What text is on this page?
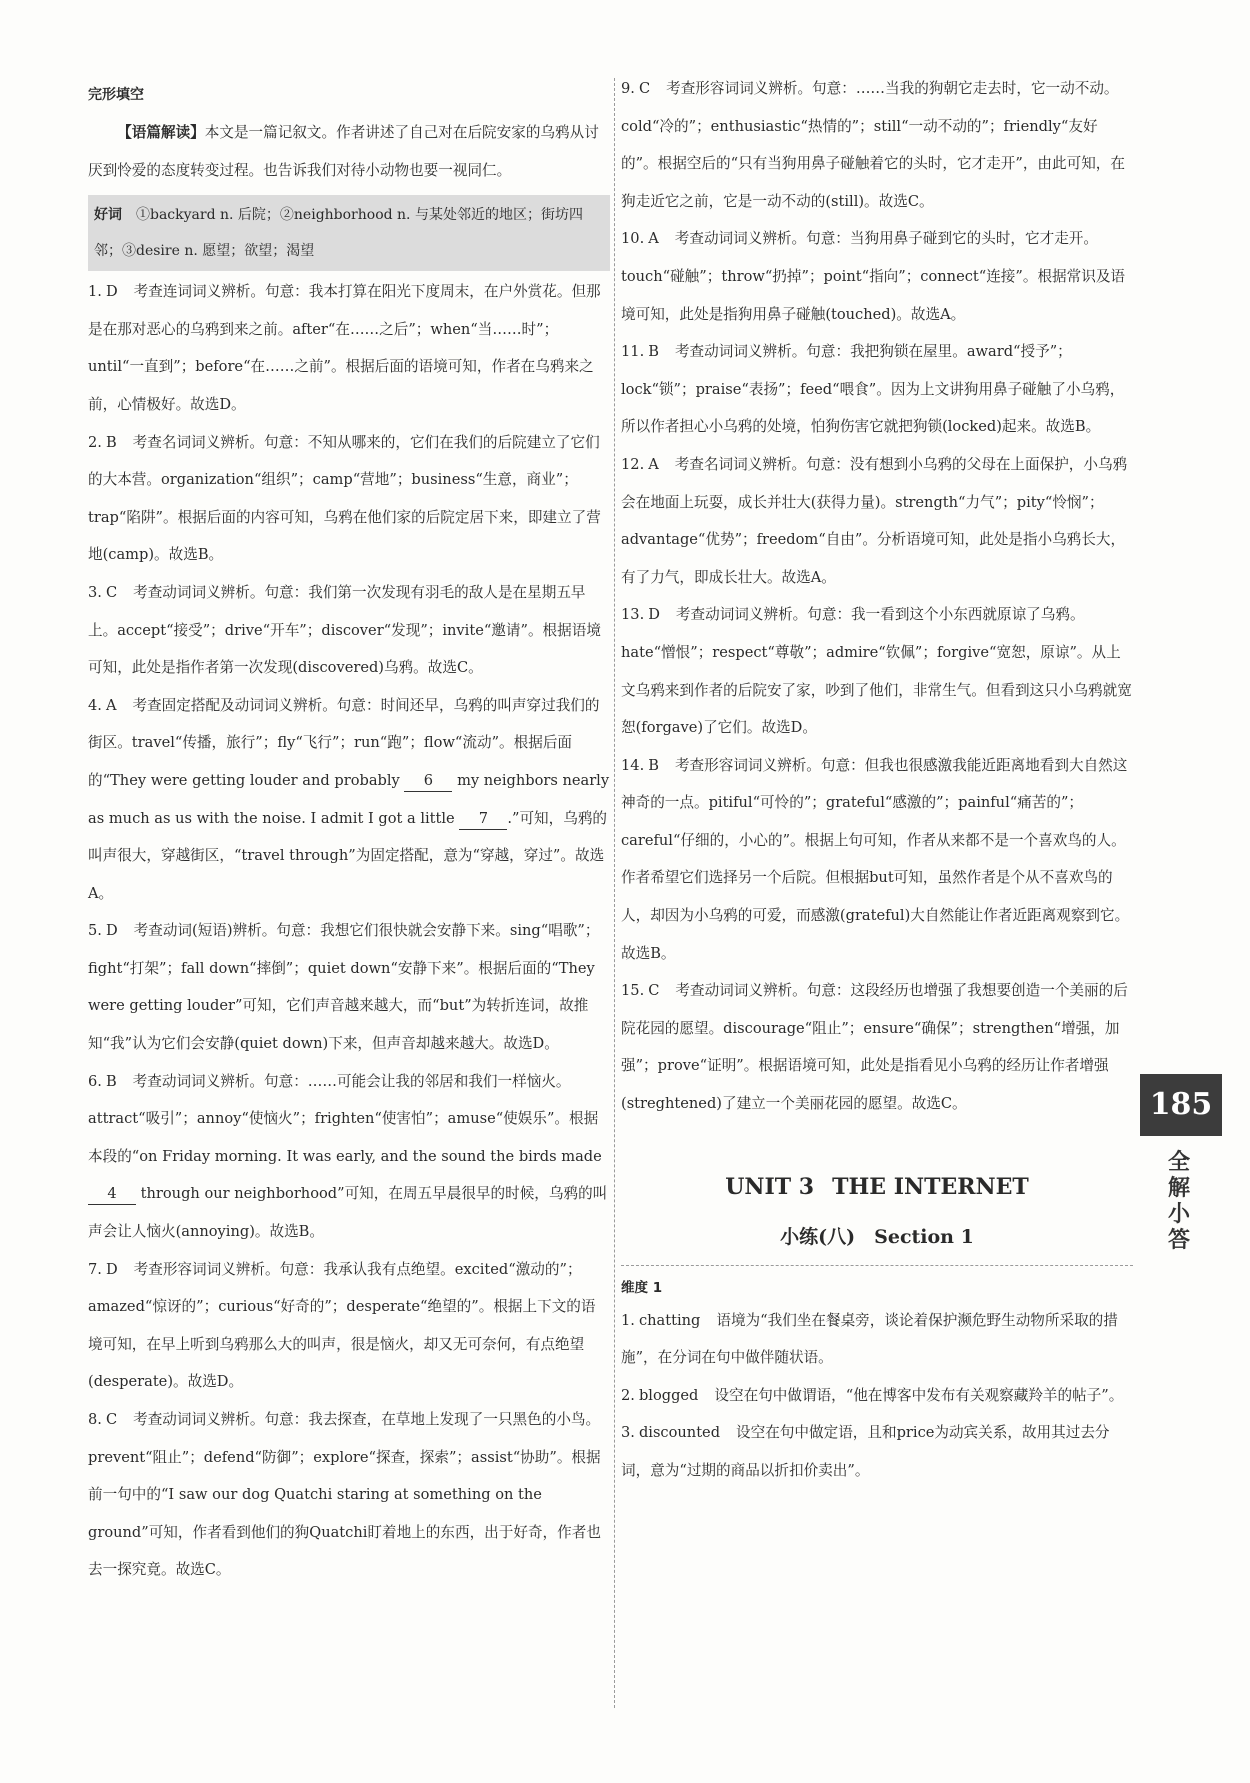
完形填空

【语篇解读】本文是一篇记叙文。作者讲述了自己对在后院安家的乌鸦从讨厌到怜爱的态度转变过程。也告诉我们对待小动物也要一视同仁。

好词　 ①backyard n. 后院；②neighborhood n. 与某处邻近的地区；街坊四邻；③desire n. 愿望；欲望；渴望

1. D 考查连词词义辨析。句意：我本打算在阳光下度周末，在户外赏花。但那是在那对恶心的乌鸦到来之前。after“在……之后”；when“当……时”；until“一直到”；before“在……之前”。根据后面的语境可知，作者在乌鸦来之前，心情极好。故选D。

2. B 考查名词词义辨析。句意：不知从哪来的，它们在我们的后院建立了它们的大本营。organization“组织”；camp“营地”；business“生意，商业”；trap“陷阱”。根据后面的内容可知，乌鸦在他们家的后院定居下来，即建立了营地(camp)。故选B。

3. C 考查动词词义辨析。句意：我们第一次发现有羽毛的敌人是在星期五早上。accept“接受”；drive“开车”；discover“发现”；invite“邀请”。根据语境可知，此处是指作者第一次发现(discovered)乌鸦。故选C。

4. A 考查固定搭配及动词词义辨析。句意：时间还早，乌鸦的叫声穿过我们的街区。travel“传播，旅行”；fly“飞行”；run“跑”；flow“流动”。根据后面的“They were getting louder and probably 6 my neighbors nearly as much as us with the noise. I admit I got a little 7 .”可知，乌鸦的叫声很大，穿越街区，“travel through”为固定搭配，意为“穿越，穿过”。故选A。

5. D 考查动词(短语)辨析。句意：我想它们很快就会安静下来。sing“唱歌”；fight“打架”；fall down“摔倒”；quiet down“安静下来”。根据后面的“They were getting louder”可知，它们声音越来越大，而“but”为转折连词，故推知“我”认为它们会安静(quiet down)下来，但声音却越来越大。故选D。

6. B 考查动词词义辨析。句意：……可能会让我的邻居和我们一样恼火。attract“吸引”；annoy“使恼火”；frighten“使害怕”；amuse“使娱乐”。根据本段的“on Friday morning. It was early, and the sound the birds made 4 through our neighborhood”可知，在周五早晨很早的时候，乌鸦的叫声会让人恼火(annoying)。故选B。

7. D 考查形容词词义辨析。句意：我承认我有点绝望。excited“激动的”；amazed“惊讶的”；curious“好奇的”；desperate“绝望的”。根据上下文的语境可知，在早上听到乌鸦那么大的叫声，很是恼火，却又无可奈何，有点绝望(desperate)。故选D。

8. C 考查动词词义辨析。句意：我去探查，在草地上发现了一只黑色的小鸟。prevent“阻止”；defend“防御”；explore“探查，探索”；assist“协助”。根据前一句中的“I saw our dog Quatchi staring at something on the ground”可知，作者看到他们的狗Quatchi盯着地上的东西，出于好奇，作者也去一探究竟。故选C。

9. C 考查形容词词义辨析。句意：……当我的狗朝它走去时，它一动不动。cold“冷的”；enthusiastic“热情的”；still“一动不动的”；friendly“友好的”。根据空后的“只有当狗用鼻子碰触着它的头时，它才走开”，由此可知，在狗走近它之前，它是一动不动的(still)。故选C。

10. A 考查动词词义辨析。句意：当狗用鼻子碰到它的头时，它才走开。touch“碰触”；throw“扔掉”；point“指向”；connect“连接”。根据常识及语境可知，此处是指狗用鼻子碰触(touched)。故选A。

11. B 考查动词词义辨析。句意：我把狗锁在屋里。award“授予”；lock“锁”；praise“表扬”；feed“喂食”。因为上文讲狗用鼻子碰触了小乌鸦，所以作者担心小乌鸦的处境，怕狗伤害它就把狗锁(locked)起来。故选B。

12. A 考查名词词义辨析。句意：没有想到小乌鸦的父母在上面保护，小乌鸦会在地面上玩耍，成长并壮大(获得力量)。strength“力气”；pity“怜悯”；advantage“优势”；freedom“自由”。分析语境可知，此处是指小乌鸦长大，有了力气，即成长壮大。故选A。

13. D 考查动词词义辨析。句意：我一看到这个小东西就原谅了乌鸦。hate“憎恨”；respect“尊敬”；admire“钦佩”；forgive“宽恕，原谅”。从上文乌鸦来到作者的后院安了家，吵到了他们，非常生气。但看到这只小乌鸦就宽恕(forgave)了它们。故选D。

14. B 考查形容词词义辨析。句意：但我也很感激我能近距离地看到大自然这神奇的一点。pitiful“可怜的”；grateful“感激的”；painful“痛苦的”；careful“仔细的，小心的”。根据上句可知，作者从来都不是一个喜欢鸟的人。作者希望它们选择另一个后院。但根据but可知，虽然作者是个从不喜欢鸟的人，却因为小乌鸦的可爱，而感激(grateful)大自然能让作者近距离观察到它。故选B。

15. C 考查动词词义辨析。句意：这段经历也增强了我想要创造一个美丽的后院花园的愿望。discourage“阻止”；ensure“确保”；strengthen“增强，加强”；prove“证明”。根据语境可知，此处是指看见小乌鸦的经历让作者增强(streghtened)了建立一个美丽花园的愿望。故选C。

UNIT 3 THE INTERNET
小练(八)　Section 1
维度 1

1. chatting 语境为“我们坐在餐桌旁，谈论着保护濒危野生动物所采取的措施”，在分词在句中做伴随状语。

2. blogged 设空在句中做谓语，“他在博客中发布有关观察藏羚羊的帖子”。

3. discounted 设空在句中做定语，且和price为动宾关系，故用其过去分词，意为“过期的商品以折扣价卖出”。

185
全解小答
